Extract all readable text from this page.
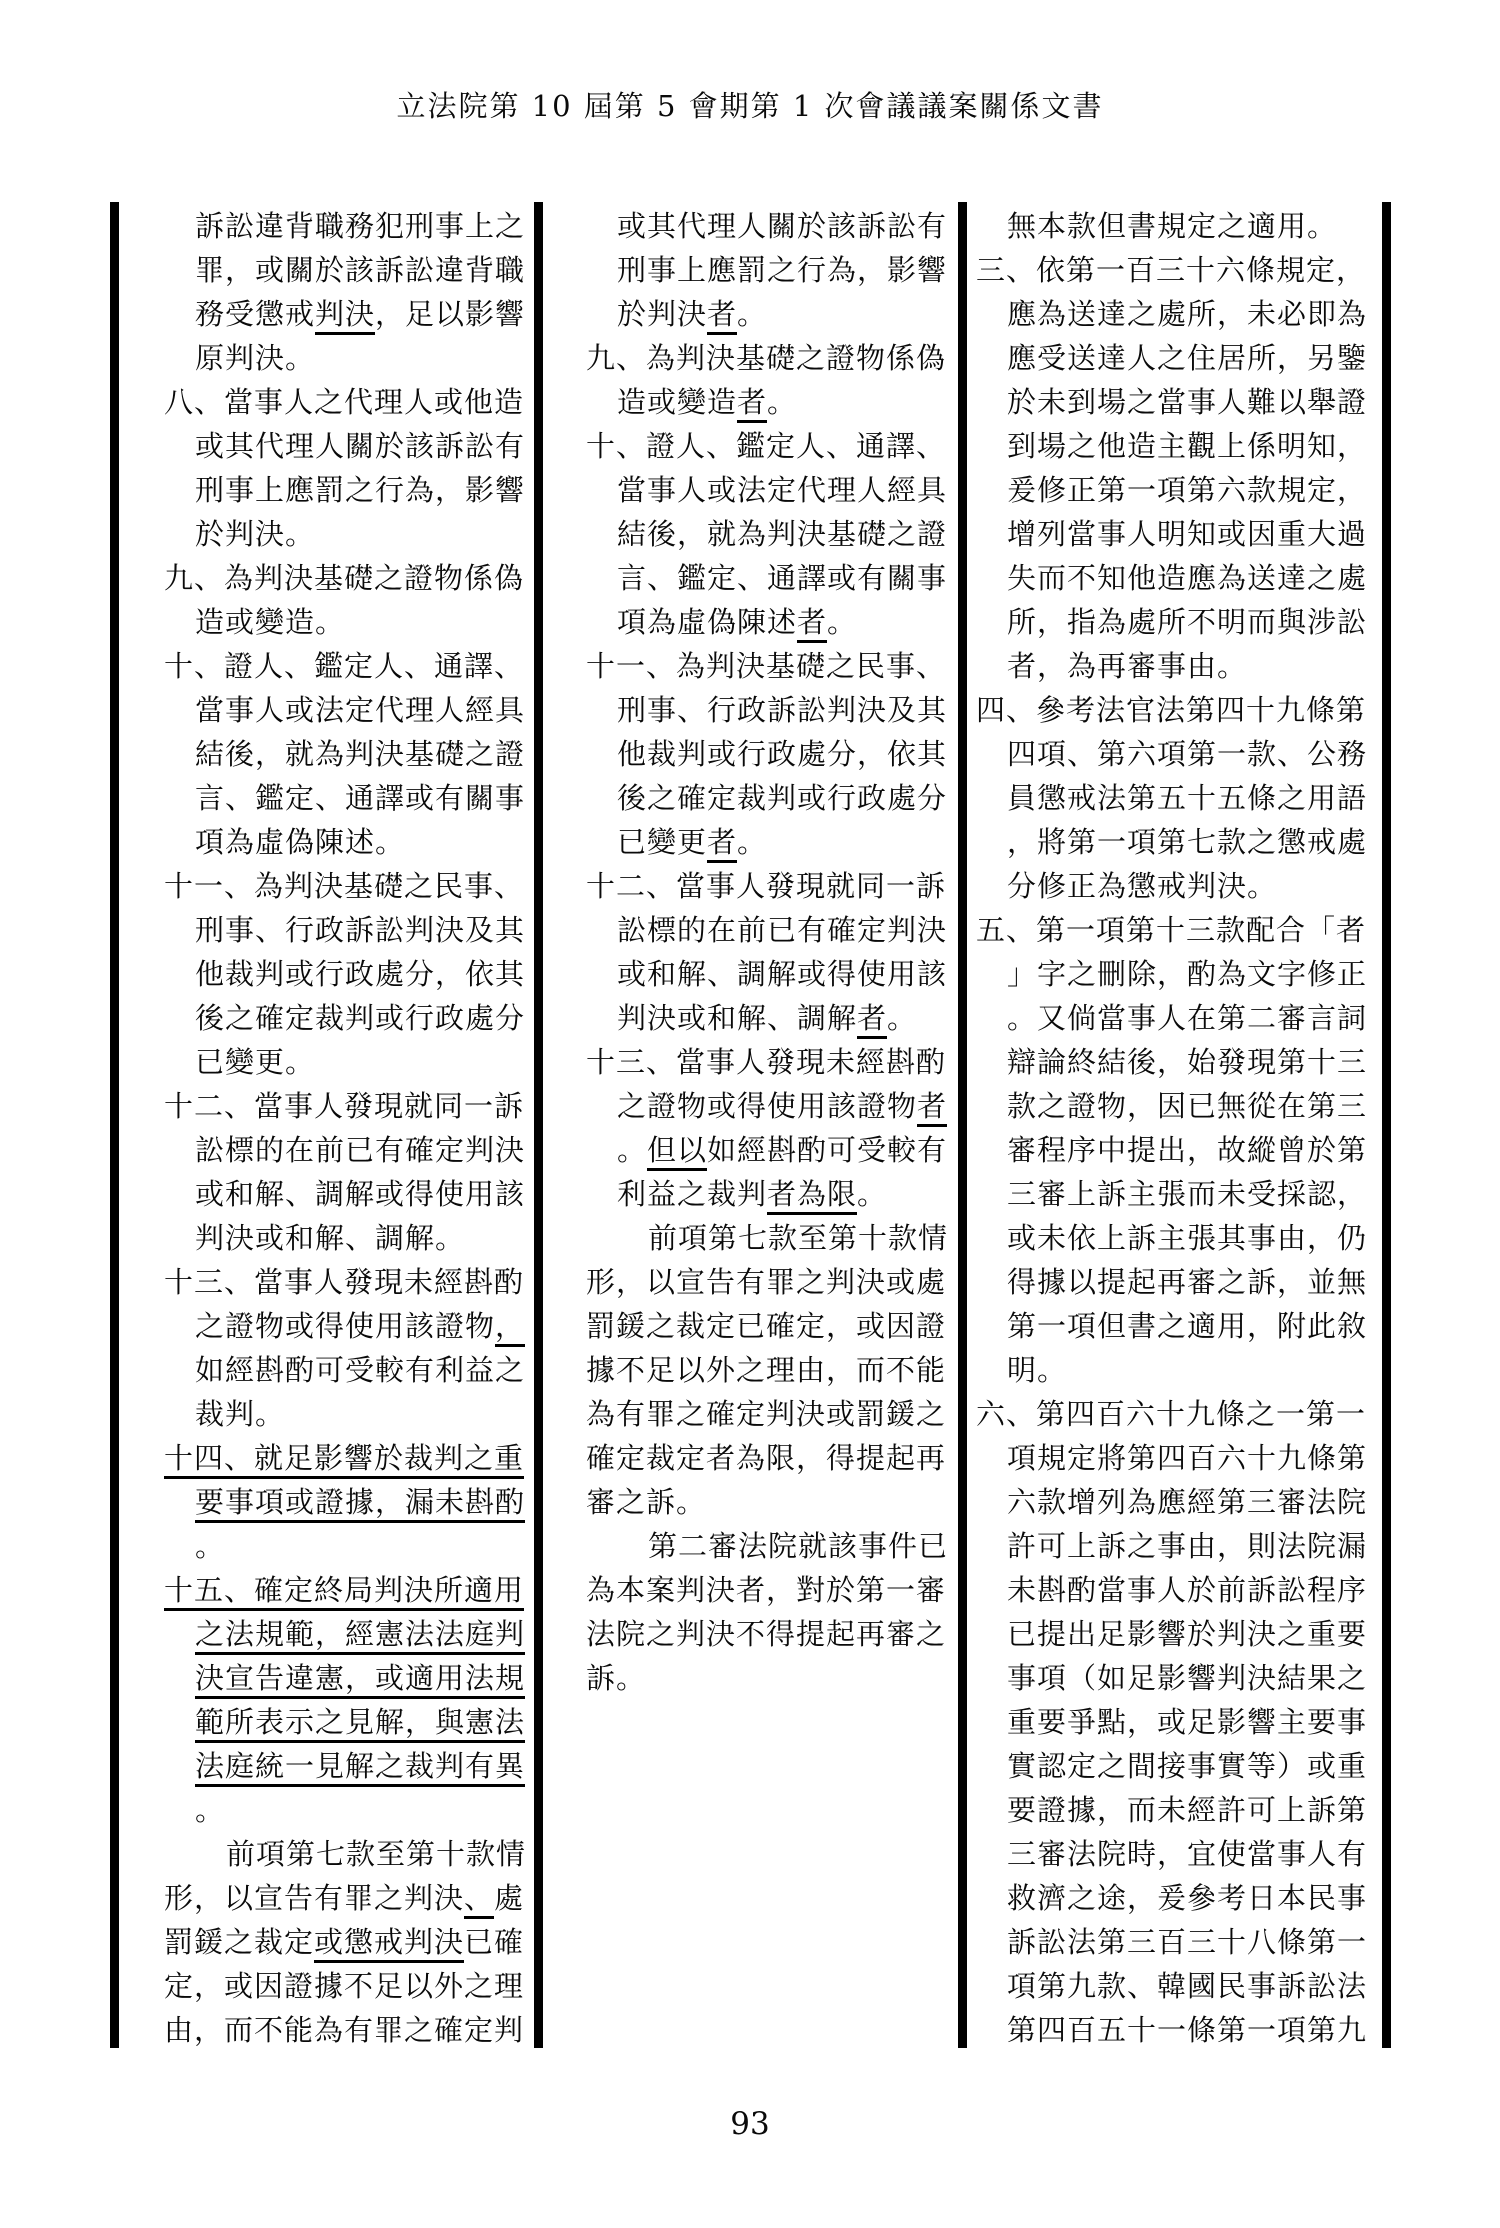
立法院第 10 屆第 5 會期第 1 次會議議案關係文書
訴訟違背職務犯刑事上之
罪，或關於該訴訟違背職
務受懲戒判決，足以影響
原判決。
八、當事人之代理人或他造
或其代理人關於該訴訟有
刑事上應罰之行為，影響
於判決。
九、為判決基礎之證物係偽
造或變造。
十、證人、鑑定人、通譯、
當事人或法定代理人經具
結後，就為判決基礎之證
言、鑑定、通譯或有關事
項為虛偽陳述。
十一、為判決基礎之民事、
刑事、行政訴訟判決及其
他裁判或行政處分，依其
後之確定裁判或行政處分
已變更。
十二、當事人發現就同一訴
訟標的在前已有確定判決
或和解、調解或得使用該
判決或和解、調解。
十三、當事人發現未經斟酌
之證物或得使用該證物，
如經斟酌可受較有利益之
裁判。
十四、就足影響於裁判之重
要事項或證據，漏未斟酌
。
十五、確定終局判決所適用
之法規範，經憲法法庭判
決宣告違憲，或適用法規
範所表示之見解，與憲法
法庭統一見解之裁判有異
。
前項第七款至第十款情
形，以宣告有罪之判決、處
罰鍰之裁定或懲戒判決已確
定，或因證據不足以外之理
由，而不能為有罪之確定判
或其代理人關於該訴訟有
刑事上應罰之行為，影響
於判決者。
九、為判決基礎之證物係偽
造或變造者。
十、證人、鑑定人、通譯、
當事人或法定代理人經具
結後，就為判決基礎之證
言、鑑定、通譯或有關事
項為虛偽陳述者。
十一、為判決基礎之民事、
刑事、行政訴訟判決及其
他裁判或行政處分，依其
後之確定裁判或行政處分
已變更者。
十二、當事人發現就同一訴
訟標的在前已有確定判決
或和解、調解或得使用該
判決或和解、調解者。
十三、當事人發現未經斟酌
之證物或得使用該證物者
。但以如經斟酌可受較有
利益之裁判者為限。
前項第七款至第十款情
形，以宣告有罪之判決或處
罰鍰之裁定已確定，或因證
據不足以外之理由，而不能
為有罪之確定判決或罰鍰之
確定裁定者為限，得提起再
審之訴。
第二審法院就該事件已
為本案判決者，對於第一審
法院之判決不得提起再審之
訴。
無本款但書規定之適用。
三、依第一百三十六條規定，
應為送達之處所，未必即為
應受送達人之住居所，另鑒
於未到場之當事人難以舉證
到場之他造主觀上係明知，
爰修正第一項第六款規定，
增列當事人明知或因重大過
失而不知他造應為送達之處
所，指為處所不明而與涉訟
者，為再審事由。
四、參考法官法第四十九條第
四項、第六項第一款、公務
員懲戒法第五十五條之用語
，將第一項第七款之懲戒處
分修正為懲戒判決。
五、第一項第十三款配合「者
」字之刪除，酌為文字修正
。又倘當事人在第二審言詞
辯論終結後，始發現第十三
款之證物，因已無從在第三
審程序中提出，故縱曾於第
三審上訴主張而未受採認，
或未依上訴主張其事由，仍
得據以提起再審之訴，並無
第一項但書之適用，附此敘
明。
六、第四百六十九條之一第一
項規定將第四百六十九條第
六款增列為應經第三審法院
許可上訴之事由，則法院漏
未斟酌當事人於前訴訟程序
已提出足影響於判決之重要
事項（如足影響判決結果之
重要爭點，或足影響主要事
實認定之間接事實等）或重
要證據，而未經許可上訴第
三審法院時，宜使當事人有
救濟之途，爰參考日本民事
訴訟法第三百三十八條第一
項第九款、韓國民事訴訟法
第四百五十一條第一項第九
93
